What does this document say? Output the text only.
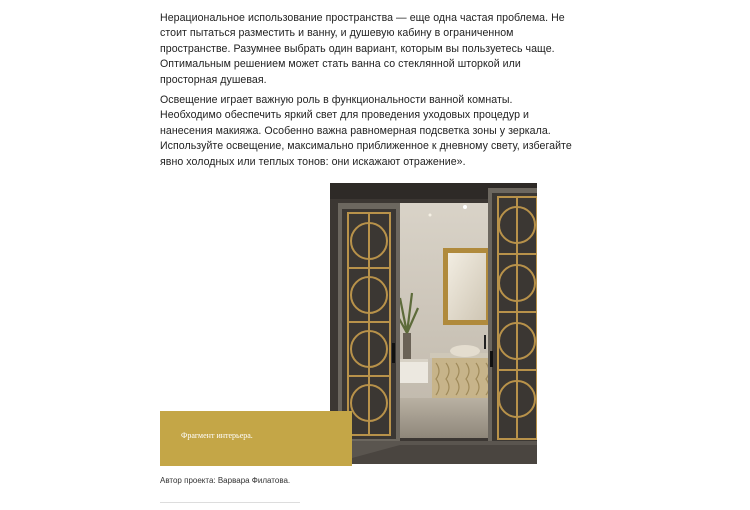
Нерациональное использование пространства — еще одна частая проблема. Не
стоит пытаться разместить и ванну, и душевую кабину в ограниченном
пространстве. Разумнее выбрать один вариант, которым вы пользуетесь чаще.
Оптимальным решением может стать ванна со стеклянной шторкой или
просторная душевая.

Освещение играет важную роль в функциональности ванной комнаты.
Необходимо обеспечить яркий свет для проведения уходовых процедур и
нанесения макияжа. Особенно важна равномерная подсветка зоны у зеркала.
Используйте освещение, максимально приближенное к дневному свету, избегайте
явно холодных или теплых тонов: они искажают отражение».

Фрагмент интерьера.
Автор проекта: Варвара Филатова.
